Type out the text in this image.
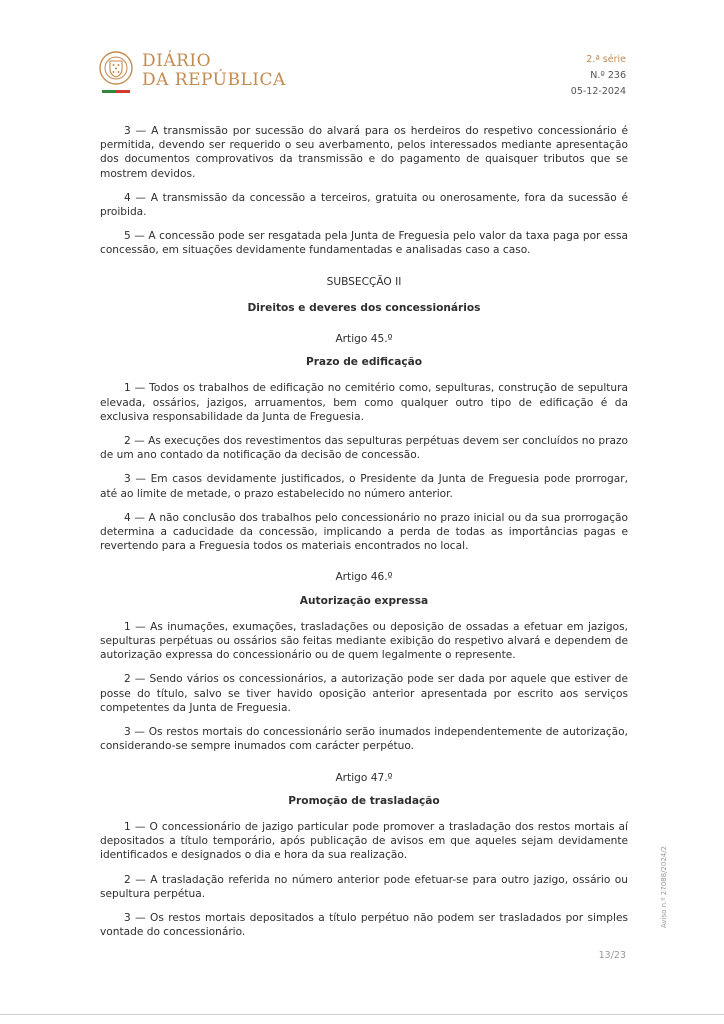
DIÁRIO
DA REPÚBLICA
2.ª série
N.º 236
05-12-2024

3 — A transmissão por sucessão do alvará para os herdeiros do respetivo concessionário é permitida, devendo ser requerido o seu averbamento, pelos interessados mediante apresentação dos documentos comprovativos da transmissão e do pagamento de quaisquer tributos que se mostrem devidos.

4 — A transmissão da concessão a terceiros, gratuita ou onerosamente, fora da sucessão é proibida.

5 — A concessão pode ser resgatada pela Junta de Freguesia pelo valor da taxa paga por essa concessão, em situações devidamente fundamentadas e analisadas caso a caso.

SUBSECÇÃO II
Direitos e deveres dos concessionários
Artigo 45.º
Prazo de edificação

1 — Todos os trabalhos de edificação no cemitério como, sepulturas, construção de sepultura elevada, ossários, jazigos, arruamentos, bem como qualquer outro tipo de edificação é da exclusiva responsabilidade da Junta de Freguesia.

2 — As execuções dos revestimentos das sepulturas perpétuas devem ser concluídos no prazo de um ano contado da notificação da decisão de concessão.

3 — Em casos devidamente justificados, o Presidente da Junta de Freguesia pode prorrogar, até ao limite de metade, o prazo estabelecido no número anterior.

4 — A não conclusão dos trabalhos pelo concessionário no prazo inicial ou da sua prorrogação determina a caducidade da concessão, implicando a perda de todas as importâncias pagas e revertendo para a Freguesia todos os materiais encontrados no local.

Artigo 46.º
Autorização expressa

1 — As inumações, exumações, trasladações ou deposição de ossadas a efetuar em jazigos, sepulturas perpétuas ou ossários são feitas mediante exibição do respetivo alvará e dependem de autorização expressa do concessionário ou de quem legalmente o represente.

2 — Sendo vários os concessionários, a autorização pode ser dada por aquele que estiver de posse do título, salvo se tiver havido oposição anterior apresentada por escrito aos serviços competentes da Junta de Freguesia.

3 — Os restos mortais do concessionário serão inumados independentemente de autorização, considerando-se sempre inumados com carácter perpétuo.

Artigo 47.º
Promoção de trasladação

1 — O concessionário de jazigo particular pode promover a trasladação dos restos mortais aí depositados a título temporário, após publicação de avisos em que aqueles sejam devidamente identificados e designados o dia e hora da sua realização.

2 — A trasladação referida no número anterior pode efetuar-se para outro jazigo, ossário ou sepultura perpétua.

3 — Os restos mortais depositados a título perpétuo não podem ser trasladados por simples vontade do concessionário.

Aviso n.º 27088/2024/2
13/23
